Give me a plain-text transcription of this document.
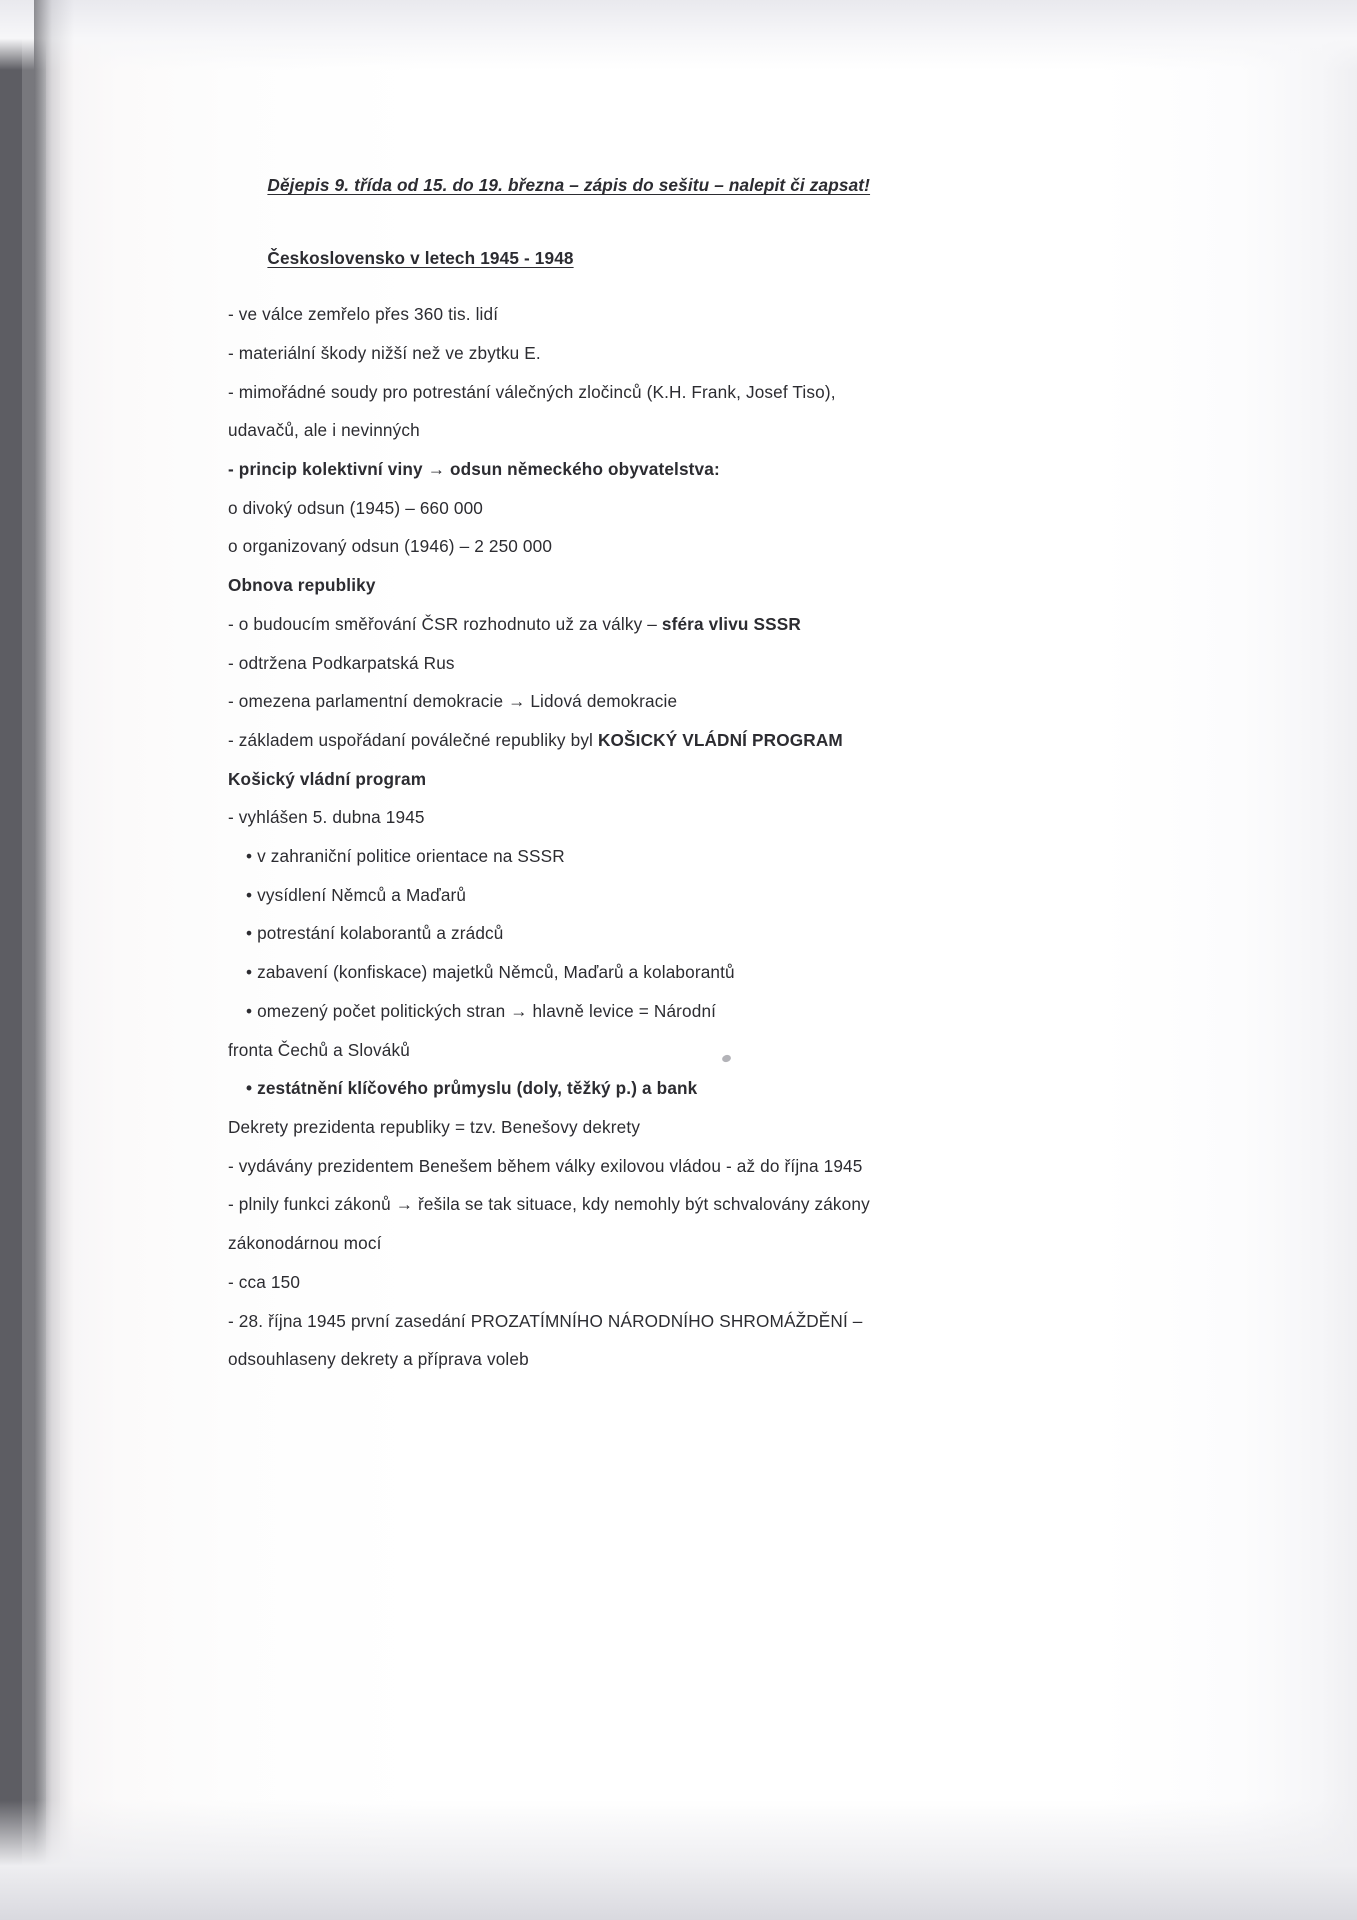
Dějepis 9. třída od 15. do 19. března – zápis do sešitu – nalepit či zapsat!

Československo v letech 1945 - 1948

- ve válce zemřelo přes 360 tis. lidí
- materiální škody nižší než ve zbytku E.
- mimořádné soudy pro potrestání válečných zločinců (K.H. Frank, Josef Tiso),
udavačů, ale i nevinných
- princip kolektivní viny → odsun německého obyvatelstva:
o divoký odsun (1945) – 660 000
o organizovaný odsun (1946) – 2 250 000
Obnova republiky
- o budoucím směřování ČSR rozhodnuto už za války – sféra vlivu SSSR
- odtržena Podkarpatská Rus
- omezena parlamentní demokracie → Lidová demokracie
- základem uspořádaní poválečné republiky byl KOŠICKÝ VLÁDNÍ PROGRAM
Košický vládní program
- vyhlášen 5. dubna 1945
• v zahraniční politice orientace na SSSR
• vysídlení Němců a Maďarů
• potrestání kolaborantů a zrádců
• zabavení (konfiskace) majetků Němců, Maďarů a kolaborantů
• omezený počet politických stran → hlavně levice = Národní
fronta Čechů a Slováků
• zestátnění klíčového průmyslu (doly, těžký p.) a bank
Dekrety prezidenta republiky = tzv. Benešovy dekrety
- vydávány prezidentem Benešem během války exilovou vládou - až do října 1945
- plnily funkci zákonů → řešila se tak situace, kdy nemohly být schvalovány zákony
zákonodárnou mocí
- cca 150
- 28. října 1945 první zasedání PROZATÍMNÍHO NÁRODNÍHO SHROMÁŽDĚNÍ –
odsouhlaseny dekrety a příprava voleb
